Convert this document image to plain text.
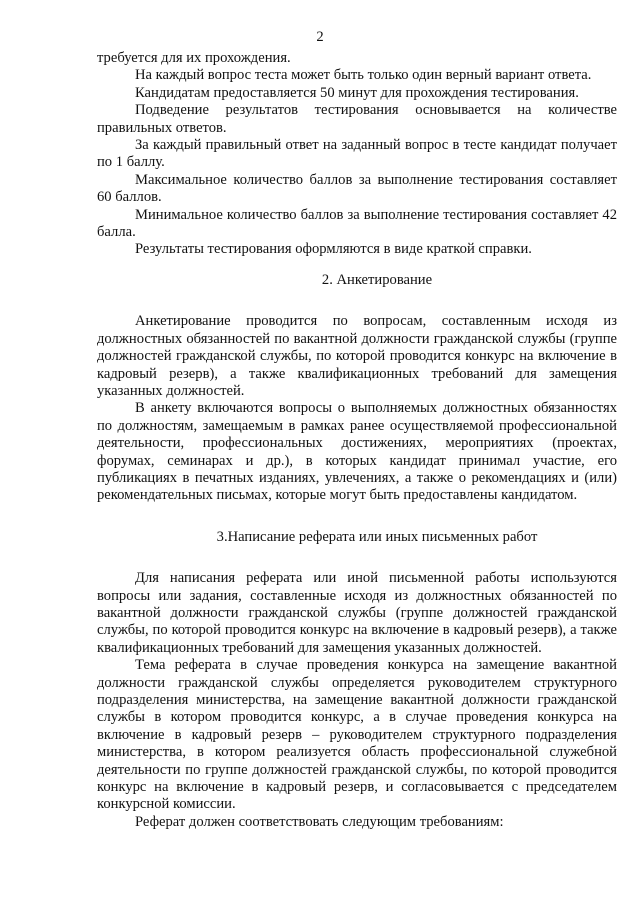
2

требуется для их прохождения.

На каждый вопрос теста может быть только один верный вариант ответа.

Кандидатам предоставляется 50 минут для прохождения тестирования.

Подведение результатов тестирования основывается на количестве правильных ответов.

За каждый правильный ответ на заданный вопрос в тесте кандидат получает по 1 баллу.

Максимальное количество баллов за выполнение тестирования составляет 60 баллов.

Минимальное количество баллов за выполнение тестирования составляет 42 балла.

Результаты тестирования оформляются в виде краткой справки.

2. Анкетирование

Анкетирование проводится по вопросам, составленным исходя из должностных обязанностей по вакантной должности гражданской службы (группе должностей гражданской службы, по которой проводится конкурс на включение в кадровый резерв), а также квалификационных требований для замещения указанных должностей.

В анкету включаются вопросы о выполняемых должностных обязанностях по должностям, замещаемым в рамках ранее осуществляемой профессиональной деятельности, профессиональных достижениях, мероприятиях (проектах, форумах, семинарах и др.), в которых кандидат принимал участие, его публикациях в печатных изданиях, увлечениях, а также о рекомендациях и (или) рекомендательных письмах, которые могут быть предоставлены кандидатом.

3.Написание реферата или иных письменных работ

Для написания реферата или иной письменной работы используются вопросы или задания, составленные исходя из должностных обязанностей по вакантной должности гражданской службы (группе должностей гражданской службы, по которой проводится конкурс на включение в кадровый резерв), а также квалификационных требований для замещения указанных должностей.

Тема реферата в случае проведения конкурса на замещение вакантной должности гражданской службы определяется руководителем структурного подразделения министерства, на замещение вакантной должности гражданской службы в котором проводится конкурс, а в случае проведения конкурса на включение в кадровый резерв – руководителем структурного подразделения министерства, в котором реализуется область профессиональной служебной деятельности по группе должностей гражданской службы, по которой проводится конкурс на включение в кадровый резерв, и согласовывается с председателем конкурсной комиссии.

Реферат должен соответствовать следующим требованиям:
